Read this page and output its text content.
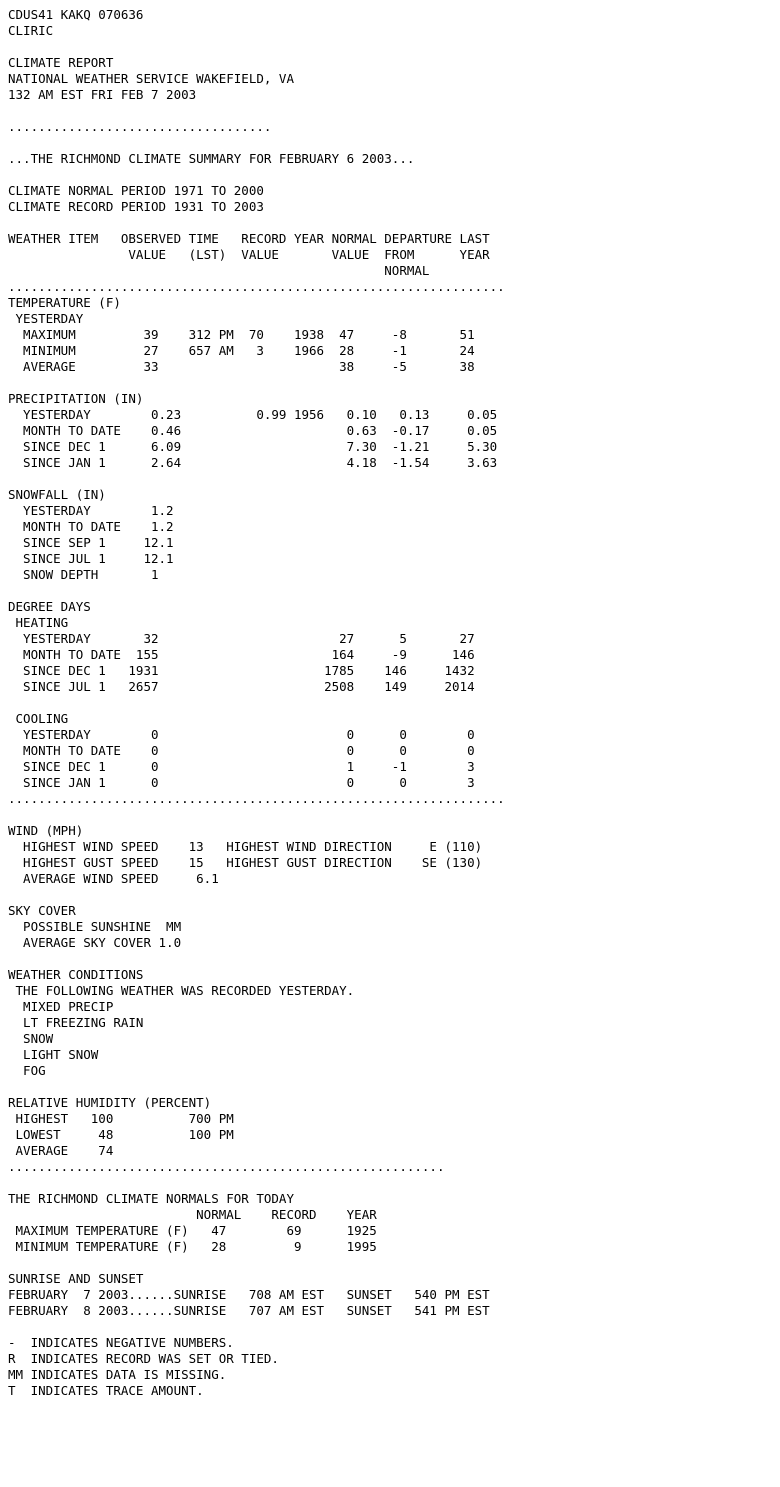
CDUS41 KAKQ 070636
CLIRIC

CLIMATE REPORT
NATIONAL WEATHER SERVICE WAKEFIELD, VA
132 AM EST FRI FEB 7 2003

...................................

...THE RICHMOND CLIMATE SUMMARY FOR FEBRUARY 6 2003...

CLIMATE NORMAL PERIOD 1971 TO 2000
CLIMATE RECORD PERIOD 1931 TO 2003

WEATHER ITEM   OBSERVED TIME   RECORD YEAR NORMAL DEPARTURE LAST
VALUE   (LST)  VALUE       VALUE  FROM      YEAR
NORMAL
..................................................................
TEMPERATURE (F)
YESTERDAY
MAXIMUM         39    312 PM  70    1938  47     -8       51
MINIMUM         27    657 AM   3    1966  28     -1       24
AVERAGE         33                        38     -5       38

PRECIPITATION (IN)
YESTERDAY        0.23          0.99 1956   0.10   0.13     0.05
MONTH TO DATE    0.46                      0.63  -0.17     0.05
SINCE DEC 1      6.09                      7.30  -1.21     5.30
SINCE JAN 1      2.64                      4.18  -1.54     3.63

SNOWFALL (IN)
YESTERDAY        1.2
MONTH TO DATE    1.2
SINCE SEP 1     12.1
SINCE JUL 1     12.1
SNOW DEPTH       1

DEGREE DAYS
HEATING
YESTERDAY       32                        27      5       27
MONTH TO DATE  155                       164     -9      146
SINCE DEC 1   1931                      1785    146     1432
SINCE JUL 1   2657                      2508    149     2014

COOLING
YESTERDAY        0                         0      0        0
MONTH TO DATE    0                         0      0        0
SINCE DEC 1      0                         1     -1        3
SINCE JAN 1      0                         0      0        3
..................................................................

WIND (MPH)
HIGHEST WIND SPEED    13   HIGHEST WIND DIRECTION     E (110)
HIGHEST GUST SPEED    15   HIGHEST GUST DIRECTION    SE (130)
AVERAGE WIND SPEED     6.1

SKY COVER
POSSIBLE SUNSHINE  MM
AVERAGE SKY COVER 1.0

WEATHER CONDITIONS
THE FOLLOWING WEATHER WAS RECORDED YESTERDAY.
MIXED PRECIP
LT FREEZING RAIN
SNOW
LIGHT SNOW
FOG

RELATIVE HUMIDITY (PERCENT)
HIGHEST   100          700 PM
LOWEST     48          100 PM
AVERAGE    74
..........................................................

THE RICHMOND CLIMATE NORMALS FOR TODAY
NORMAL    RECORD    YEAR
MAXIMUM TEMPERATURE (F)   47        69      1925
MINIMUM TEMPERATURE (F)   28         9      1995

SUNRISE AND SUNSET
FEBRUARY  7 2003......SUNRISE   708 AM EST   SUNSET   540 PM EST
FEBRUARY  8 2003......SUNRISE   707 AM EST   SUNSET   541 PM EST

-  INDICATES NEGATIVE NUMBERS.
R  INDICATES RECORD WAS SET OR TIED.
MM INDICATES DATA IS MISSING.
T  INDICATES TRACE AMOUNT.
